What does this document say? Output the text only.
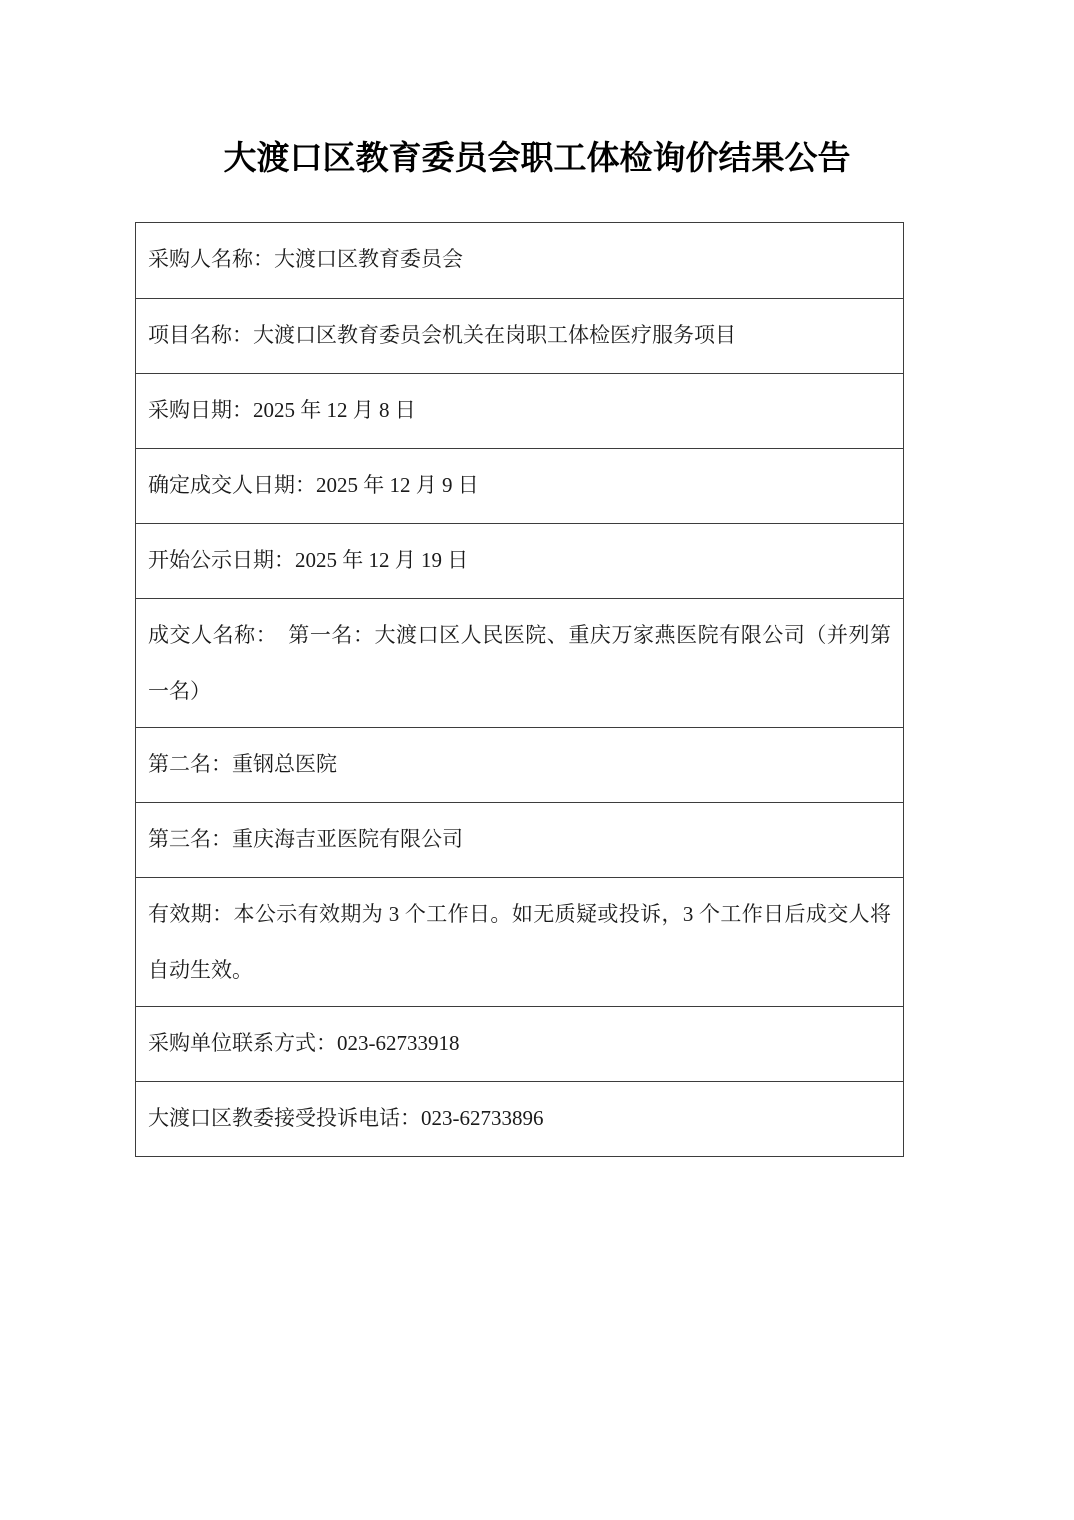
大渡口区教育委员会职工体检询价结果公告
采购人名称：大渡口区教育委员会
项目名称：大渡口区教育委员会机关在岗职工体检医疗服务项目
采购日期：2025 年 12 月 8 日
确定成交人日期：2025 年 12 月 9 日
开始公示日期：2025 年 12 月 19 日
成交人名称：　第一名：大渡口区人民医院、重庆万家燕医院有限公司（并列第一名）
第二名：重钢总医院
第三名：重庆海吉亚医院有限公司
有效期：本公示有效期为 3 个工作日。如无质疑或投诉，3 个工作日后成交人将自动生效。
采购单位联系方式：023-62733918
大渡口区教委接受投诉电话：023-62733896
